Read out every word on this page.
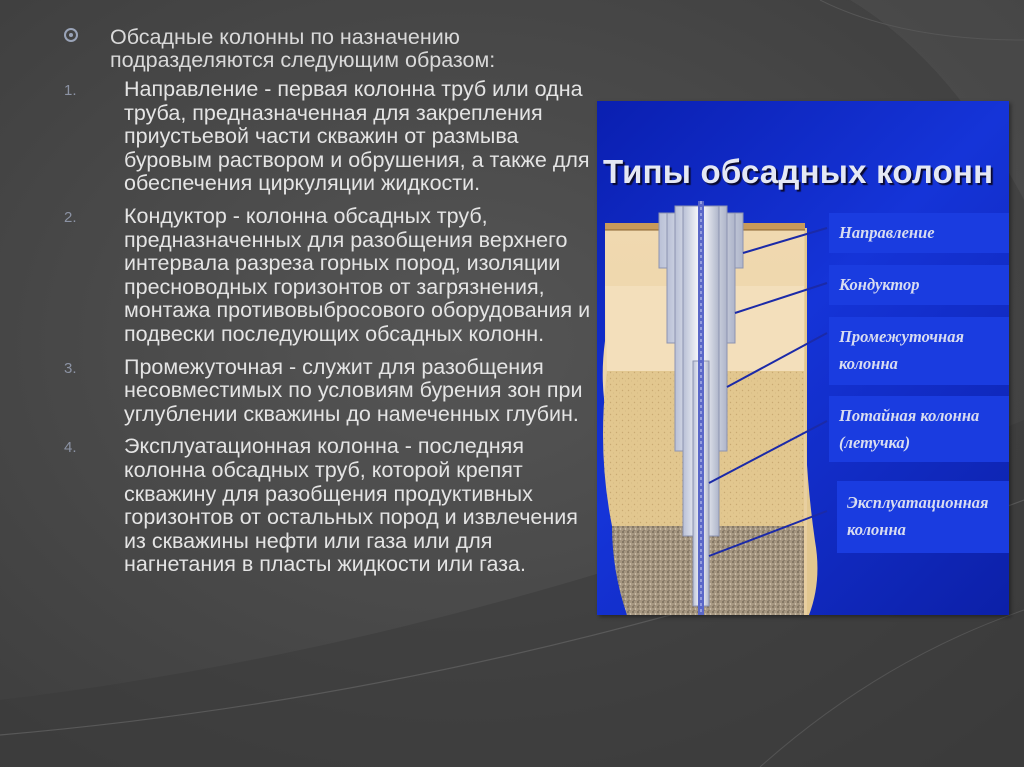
Обсадные колонны по назначению подразделяются следующим образом:
1.	Направление - первая колонна труб или одна труба, предназначенная для закрепления приустьевой части скважин от размыва буровым раствором и обрушения, а также для обеспечения циркуляции жидкости.
2.	Кондуктор - колонна обсадных труб, предназначенных для разобщения верхнего интервала разреза горных пород, изоляции пресноводных горизонтов от загрязнения, монтажа противовыбросового оборудования и подвески последующих обсадных колонн.
3.	Промежуточная - служит для разобщения несовместимых по условиям бурения зон при углублении скважины до намеченных глубин.
4.	Эксплуатационная колонна - последняя колонна обсадных труб, которой крепят скважину для разобщения продуктивных горизонтов от остальных пород и извлечения из скважины нефти или газа или для нагнетания в пласты жидкости или газа.
Типы обсадных колонн
Направление
Кондуктор
Промежуточная
колонна
Потайная колонна
(летучка)
Эксплуатационная
колонна
